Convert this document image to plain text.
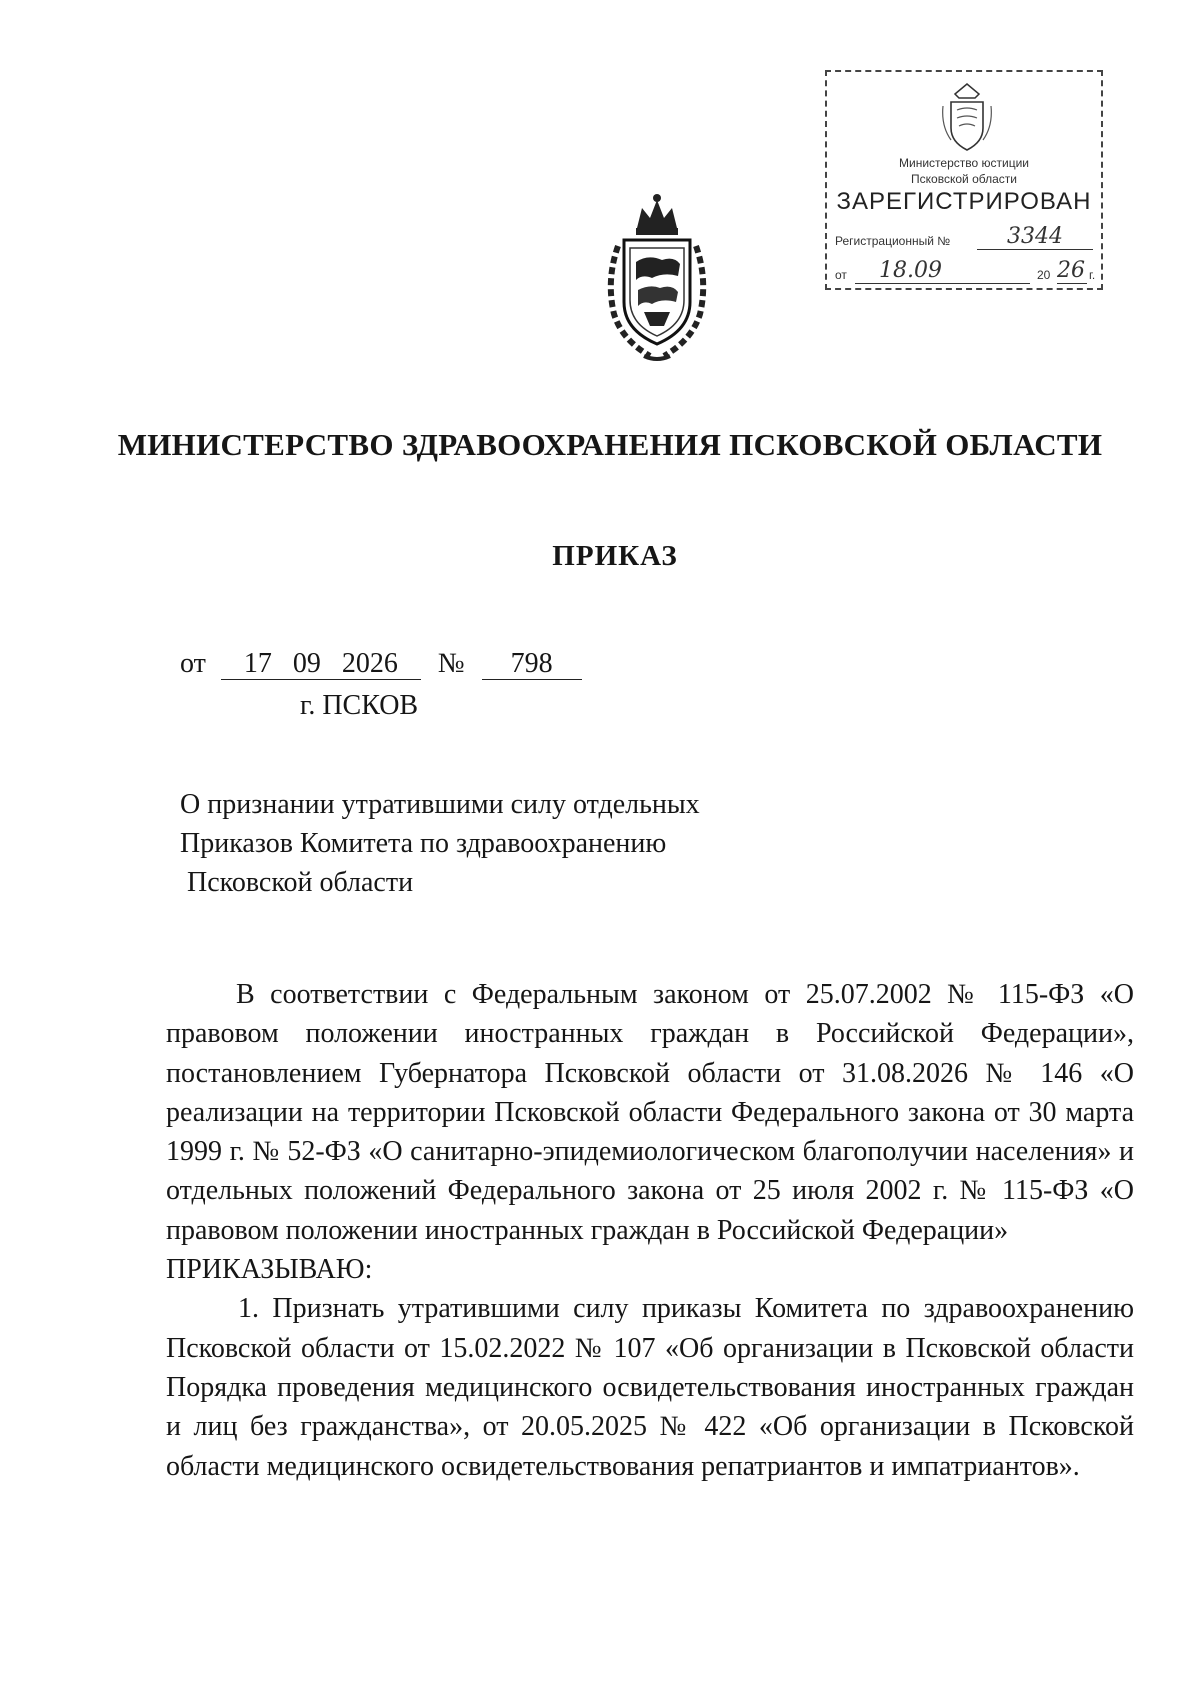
Министерство юстиции
Псковской области
ЗАРЕГИСТРИРОВАН
Регистрационный №	3344
от	18.09	20 26 г.
МИНИСТЕРСТВО ЗДРАВООХРАНЕНИЯ ПСКОВСКОЙ ОБЛАСТИ
ПРИКАЗ
от 17 09 2026 № 798
г. ПСКОВ
О признании утратившими силу отдельных
Приказов Комитета по здравоохранению
Псковской области

В соответствии с Федеральным законом от 25.07.2002 № 115-ФЗ «О правовом положении иностранных граждан в Российской Федерации», постановлением Губернатора Псковской области от 31.08.2026 № 146 «О реализации на территории Псковской области Федерального закона от 30 марта 1999 г. № 52-ФЗ «О санитарно-эпидемиологическом благополучии населения» и отдельных положений Федерального закона от 25 июля 2002 г. № 115-ФЗ «О правовом положении иностранных граждан в Российской Федерации»

ПРИКАЗЫВАЮ:

1. Признать утратившими силу приказы Комитета по здравоохранению Псковской области от 15.02.2022 № 107 «Об организации в Псковской области Порядка проведения медицинского освидетельствования иностранных граждан и лиц без гражданства», от 20.05.2025 № 422 «Об организации в Псковской области медицинского освидетельствования репатриантов и импатриантов».
